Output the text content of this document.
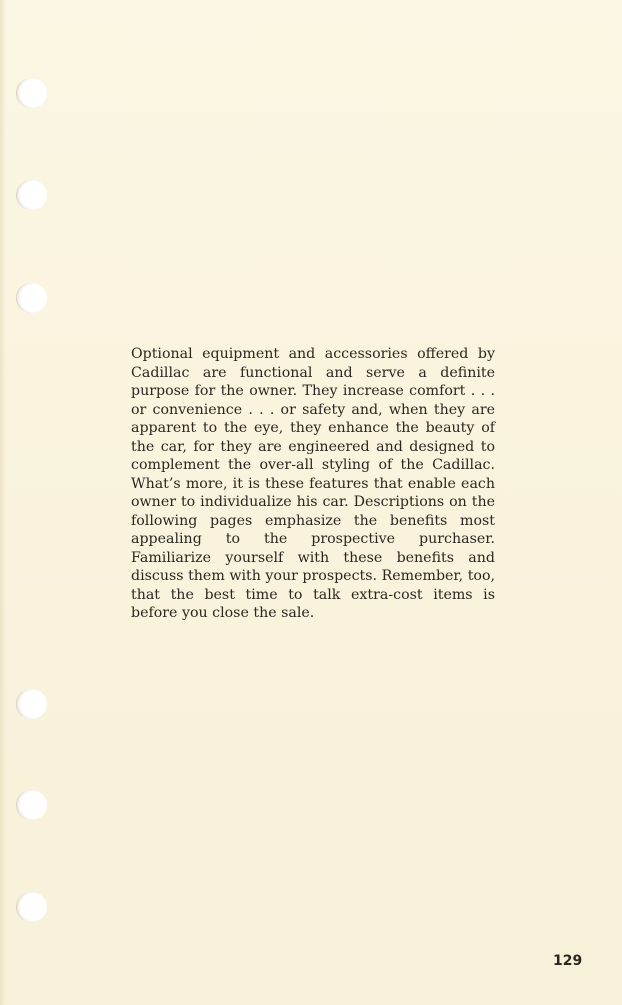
Optional equipment and accessories offered by Cadillac are functional and serve a definite purpose for the owner. They increase comfort . . . or convenience . . . or safety and, when they are apparent to the eye, they enhance the beauty of the car, for they are engineered and designed to complement the over-all styling of the Cadillac. What’s more, it is these features that enable each owner to individualize his car. Descriptions on the following pages emphasize the benefits most appealing to the prospective purchaser. Familiarize yourself with these benefits and discuss them with your prospects. Remember, too, that the best time to talk extra-cost items is before you close the sale.

129
